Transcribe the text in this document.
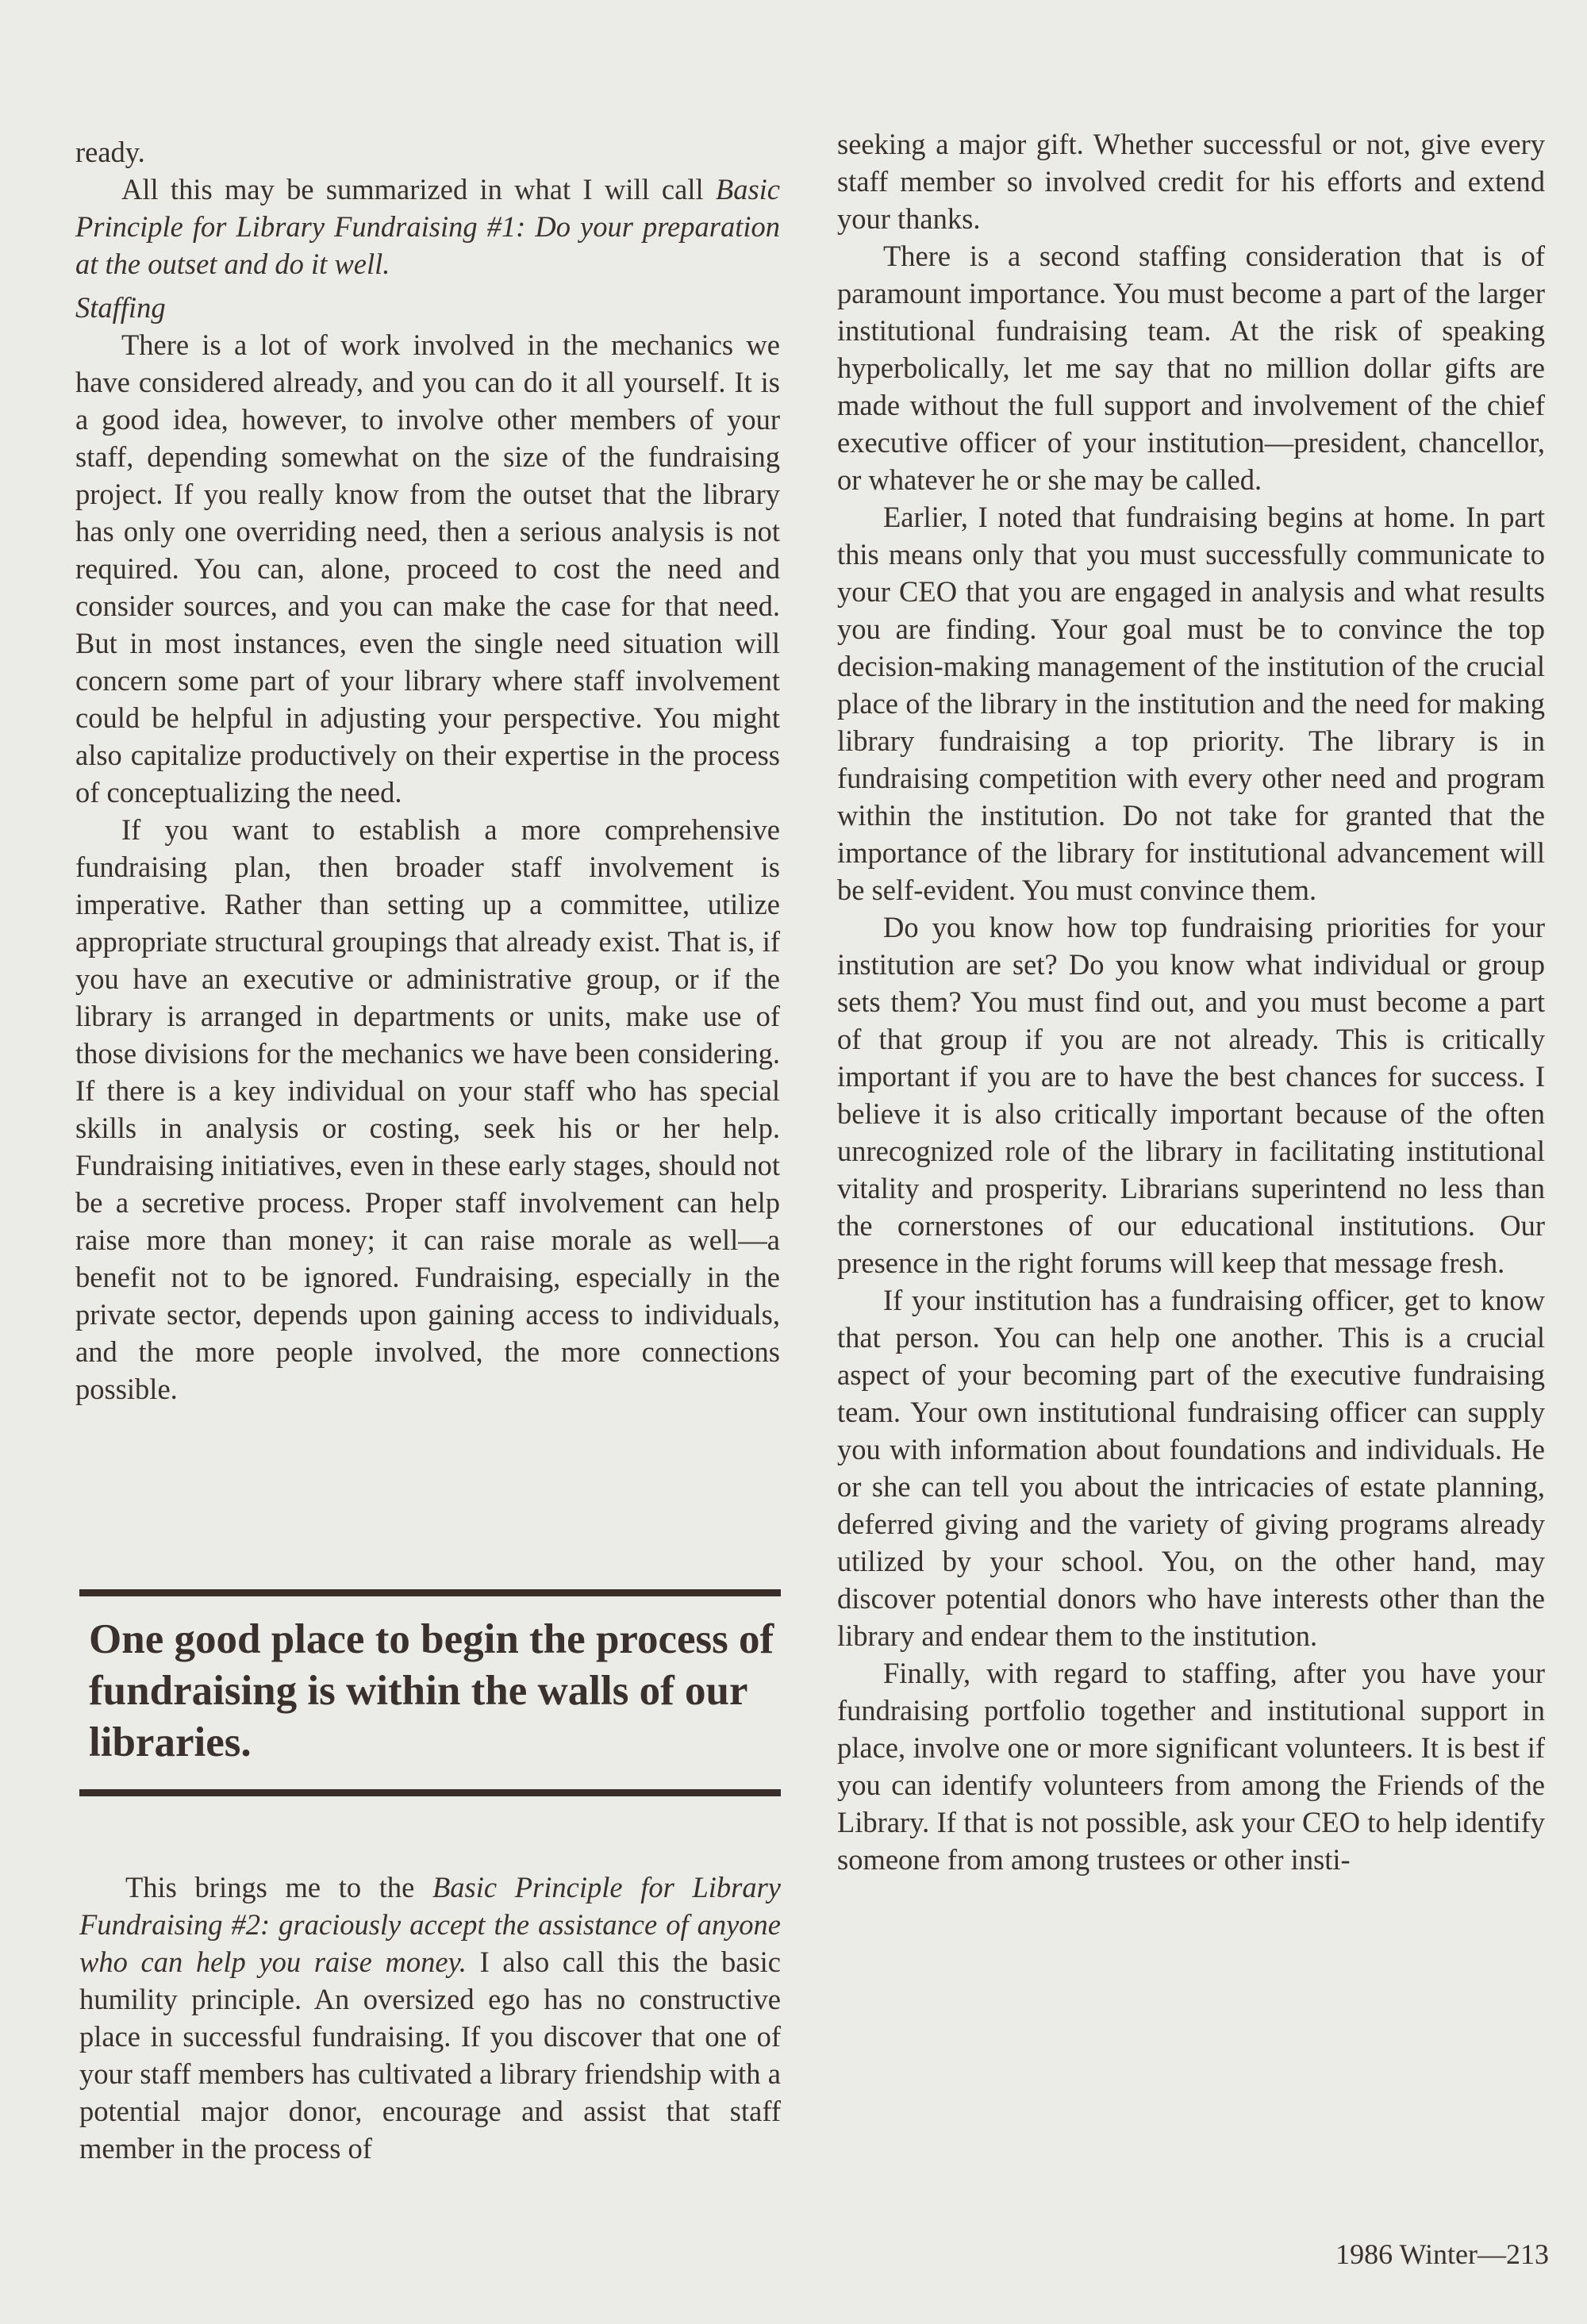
ready.

All this may be summarized in what I will call Basic Principle for Library Fundraising #1: Do your preparation at the outset and do it well.

Staffing

There is a lot of work involved in the mechanics we have considered already, and you can do it all yourself. It is a good idea, however, to involve other members of your staff, depending somewhat on the size of the fundraising project. If you really know from the outset that the library has only one overriding need, then a serious analysis is not required. You can, alone, proceed to cost the need and consider sources, and you can make the case for that need. But in most instances, even the single need situation will concern some part of your library where staff involvement could be helpful in adjusting your perspective. You might also capitalize productively on their expertise in the process of conceptualizing the need.

If you want to establish a more comprehensive fundraising plan, then broader staff involvement is imperative. Rather than setting up a committee, utilize appropriate structural groupings that already exist. That is, if you have an executive or administrative group, or if the library is arranged in departments or units, make use of those divisions for the mechanics we have been considering. If there is a key individual on your staff who has special skills in analysis or costing, seek his or her help. Fundraising initiatives, even in these early stages, should not be a secretive process. Proper staff involvement can help raise more than money; it can raise morale as well—a benefit not to be ignored. Fundraising, especially in the private sector, depends upon gaining access to individuals, and the more people involved, the more connections possible.

One good place to begin the process of fundraising is within the walls of our libraries.

This brings me to the Basic Principle for Library Fundraising #2: graciously accept the assistance of anyone who can help you raise money. I also call this the basic humility principle. An oversized ego has no constructive place in successful fundraising. If you discover that one of your staff members has cultivated a library friendship with a potential major donor, encourage and assist that staff member in the process of

seeking a major gift. Whether successful or not, give every staff member so involved credit for his efforts and extend your thanks.

There is a second staffing consideration that is of paramount importance. You must become a part of the larger institutional fundraising team. At the risk of speaking hyperbolically, let me say that no million dollar gifts are made without the full support and involvement of the chief executive officer of your institution—president, chancellor, or whatever he or she may be called.

Earlier, I noted that fundraising begins at home. In part this means only that you must successfully communicate to your CEO that you are engaged in analysis and what results you are finding. Your goal must be to convince the top decision-making management of the institution of the crucial place of the library in the institution and the need for making library fundraising a top priority. The library is in fundraising competition with every other need and program within the institution. Do not take for granted that the importance of the library for institutional advancement will be self-evident. You must convince them.

Do you know how top fundraising priorities for your institution are set? Do you know what individual or group sets them? You must find out, and you must become a part of that group if you are not already. This is critically important if you are to have the best chances for success. I believe it is also critically important because of the often unrecognized role of the library in facilitating institutional vitality and prosperity. Librarians superintend no less than the cornerstones of our educational institutions. Our presence in the right forums will keep that message fresh.

If your institution has a fundraising officer, get to know that person. You can help one another. This is a crucial aspect of your becoming part of the executive fundraising team. Your own institutional fundraising officer can supply you with information about foundations and individuals. He or she can tell you about the intricacies of estate planning, deferred giving and the variety of giving programs already utilized by your school. You, on the other hand, may discover potential donors who have interests other than the library and endear them to the institution.

Finally, with regard to staffing, after you have your fundraising portfolio together and institutional support in place, involve one or more significant volunteers. It is best if you can identify volunteers from among the Friends of the Library. If that is not possible, ask your CEO to help identify someone from among trustees or other insti-

1986 Winter—213
